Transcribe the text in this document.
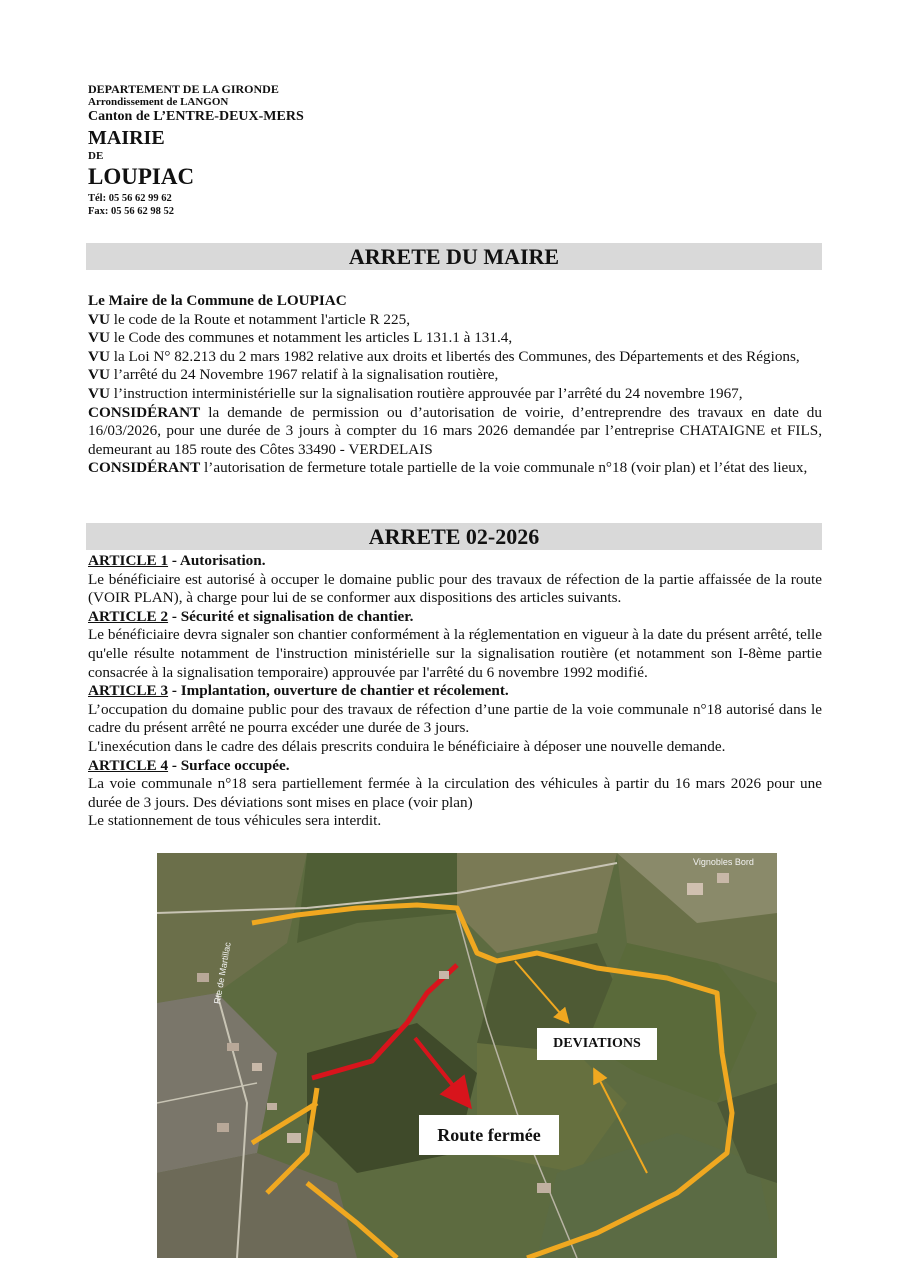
DEPARTEMENT DE LA GIRONDE
Arrondissement de LANGON
Canton de L’ENTRE-DEUX-MERS
MAIRIE
DE
LOUPIAC
Tél: 05 56 62 99 62
Fax: 05 56 62 98 52
ARRETE DU MAIRE

Le Maire de la Commune de LOUPIAC

VU le code de la Route et notamment l'article R 225,

VU le Code des communes et notamment les articles L 131.1 à 131.4,

VU la Loi N° 82.213 du 2 mars 1982 relative aux droits et libertés des Communes, des Départements et des Régions,

VU l’arrêté du 24 Novembre 1967 relatif à la signalisation routière,

VU l’instruction interministérielle sur la signalisation routière approuvée par l’arrêté du 24 novembre 1967,

CONSIDÉRANT la demande de permission ou d’autorisation de voirie, d’entreprendre des travaux en date du 16/03/2026, pour une durée de 3 jours à compter du 16 mars 2026 demandée par l’entreprise CHATAIGNE et FILS, demeurant au 185 route des Côtes 33490 - VERDELAIS

CONSIDÉRANT l’autorisation de fermeture totale partielle de la voie communale n°18 (voir plan) et l’état des lieux,

ARRETE 02-2026

ARTICLE 1 - Autorisation.

Le bénéficiaire est autorisé à occuper le domaine public pour des travaux de réfection de la partie affaissée de la route (VOIR PLAN), à charge pour lui de se conformer aux dispositions des articles suivants.

ARTICLE 2 - Sécurité et signalisation de chantier.

Le bénéficiaire devra signaler son chantier conformément à la réglementation en vigueur à la date du présent arrêté, telle qu'elle résulte notamment de l'instruction ministérielle sur la signalisation routière (et notamment son I-8ème partie consacrée à la signalisation temporaire) approuvée par l'arrêté du 6 novembre 1992 modifié.

ARTICLE 3 - Implantation, ouverture de chantier et récolement.

L’occupation du domaine public pour des travaux de réfection d’une partie de la voie communale n°18 autorisé dans le cadre du présent arrêté ne pourra excéder une durée de 3 jours.

L'inexécution dans le cadre des délais prescrits conduira le bénéficiaire à déposer une nouvelle demande.

ARTICLE 4 - Surface occupée.

La voie communale n°18 sera partiellement fermée à la circulation des véhicules à partir du 16 mars 2026 pour une durée de 3 jours. Des déviations sont mises en place (voir plan)

Le stationnement de tous véhicules sera interdit.

Vignobles Bord
Rte de Martillac
DEVIATIONS
Route fermée
